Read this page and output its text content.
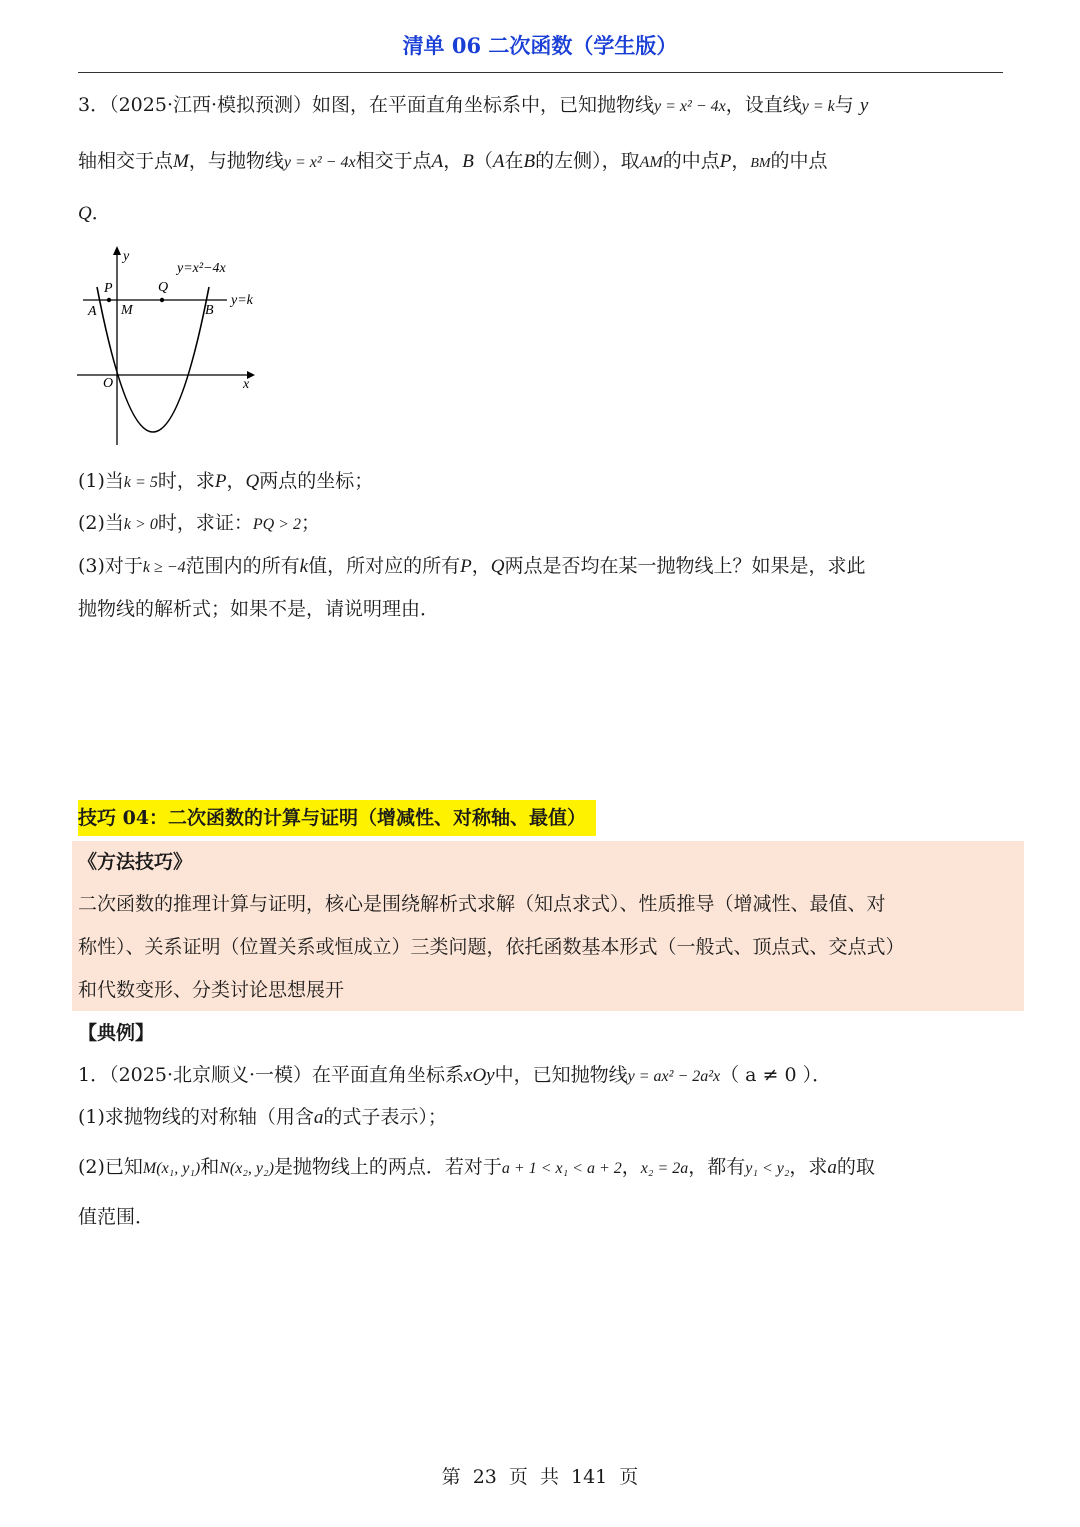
清单 06 二次函数（学生版）
3．（2025·江西·模拟预测）如图，在平面直角坐标系中，已知抛物线y = x² − 4x，设直线y = k与 y
轴相交于点M，与抛物线y = x² − 4x相交于点A，B（A在B的左侧），取AM的中点P，BM的中点
Q．
y
x
O
P	Q
A M	B
y=x²−4x
y=k
(1)当k = 5时，求P，Q两点的坐标；
(2)当k > 0时，求证：PQ > 2；
(3)对于k ≥ −4范围内的所有k值，所对应的所有P，Q两点是否均在某一抛物线上？如果是，求此
抛物线的解析式；如果不是，请说明理由．
技巧 04：二次函数的计算与证明（增减性、对称轴、最值）
《方法技巧》
二次函数的推理计算与证明，核心是围绕解析式求解（知点求式）、性质推导（增减性、最值、对
称性）、关系证明（位置关系或恒成立）三类问题，依托函数基本形式（一般式、顶点式、交点式）
和代数变形、分类讨论思想展开
【典例】
1．（2025·北京顺义·一模）在平面直角坐标系xOy中，已知抛物线y = ax² − 2a²x（ a ≠ 0 ）．
(1)求抛物线的对称轴（用含a的式子表示）；
(2)已知M(x₁, y₁)和N(x₂, y₂)是抛物线上的两点．若对于a + 1 < x₁ < a + 2，x₂ = 2a，都有y₁ < y₂，求a的取
值范围．
第 23 页 共 141 页
